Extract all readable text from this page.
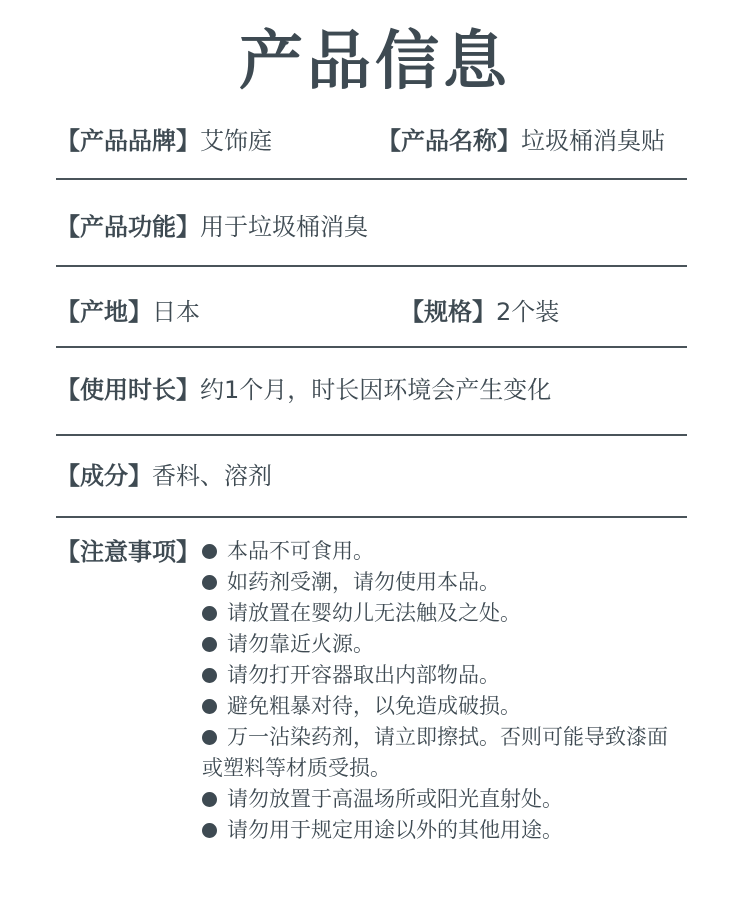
产品信息
【产品品牌】艾饰庭	【产品名称】垃圾桶消臭贴
【产品功能】用于垃圾桶消臭
【产地】日本	【规格】2个装
【使用时长】约1个月，时长因环境会产生变化
【成分】香料、溶剂
【注意事项】	本品不可食用。
如药剂受潮，请勿使用本品。
请放置在婴幼儿无法触及之处。
请勿靠近火源。
请勿打开容器取出内部物品。
避免粗暴对待，以免造成破损。
万一沾染药剂，请立即擦拭。否则可能导致漆面
或塑料等材质受损。
请勿放置于高温场所或阳光直射处。
请勿用于规定用途以外的其他用途。
